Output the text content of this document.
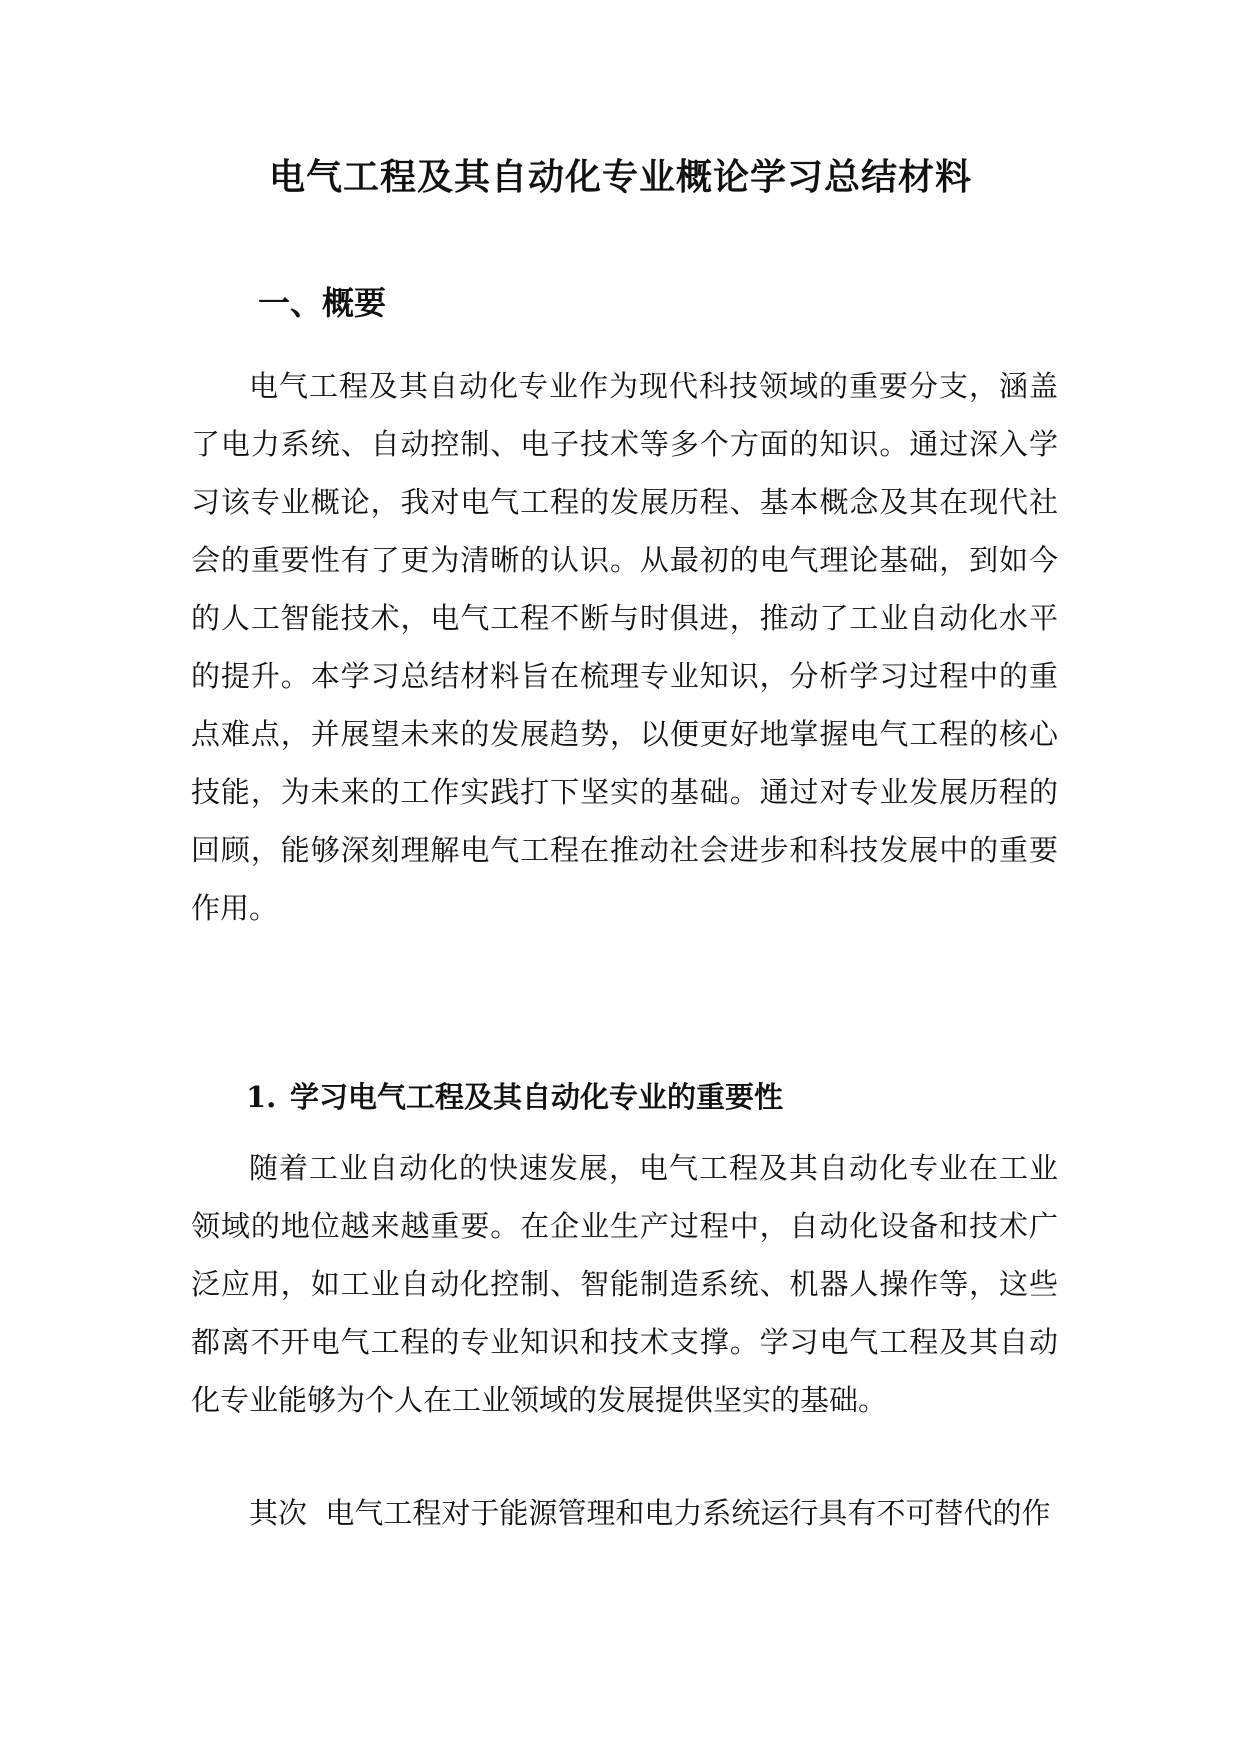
电气工程及其自动化专业概论学习总结材料
一、概要

电气工程及其自动化专业作为现代科技领域的重要分支，涵盖了电力系统、自动控制、电子技术等多个方面的知识。通过深入学习该专业概论，我对电气工程的发展历程、基本概念及其在现代社会的重要性有了更为清晰的认识。从最初的电气理论基础，到如今的人工智能技术，电气工程不断与时俱进，推动了工业自动化水平的提升。本学习总结材料旨在梳理专业知识，分析学习过程中的重点难点，并展望未来的发展趋势，以便更好地掌握电气工程的核心技能，为未来的工作实践打下坚实的基础。通过对专业发展历程的回顾，能够深刻理解电气工程在推动社会进步和科技发展中的重要作用。

1. 学习电气工程及其自动化专业的重要性

随着工业自动化的快速发展，电气工程及其自动化专业在工业领域的地位越来越重要。在企业生产过程中，自动化设备和技术广泛应用，如工业自动化控制、智能制造系统、机器人操作等，这些都离不开电气工程的专业知识和技术支撑。学习电气工程及其自动化专业能够为个人在工业领域的发展提供坚实的基础。

其次  电气工程对于能源管理和电力系统运行具有不可替代的作
